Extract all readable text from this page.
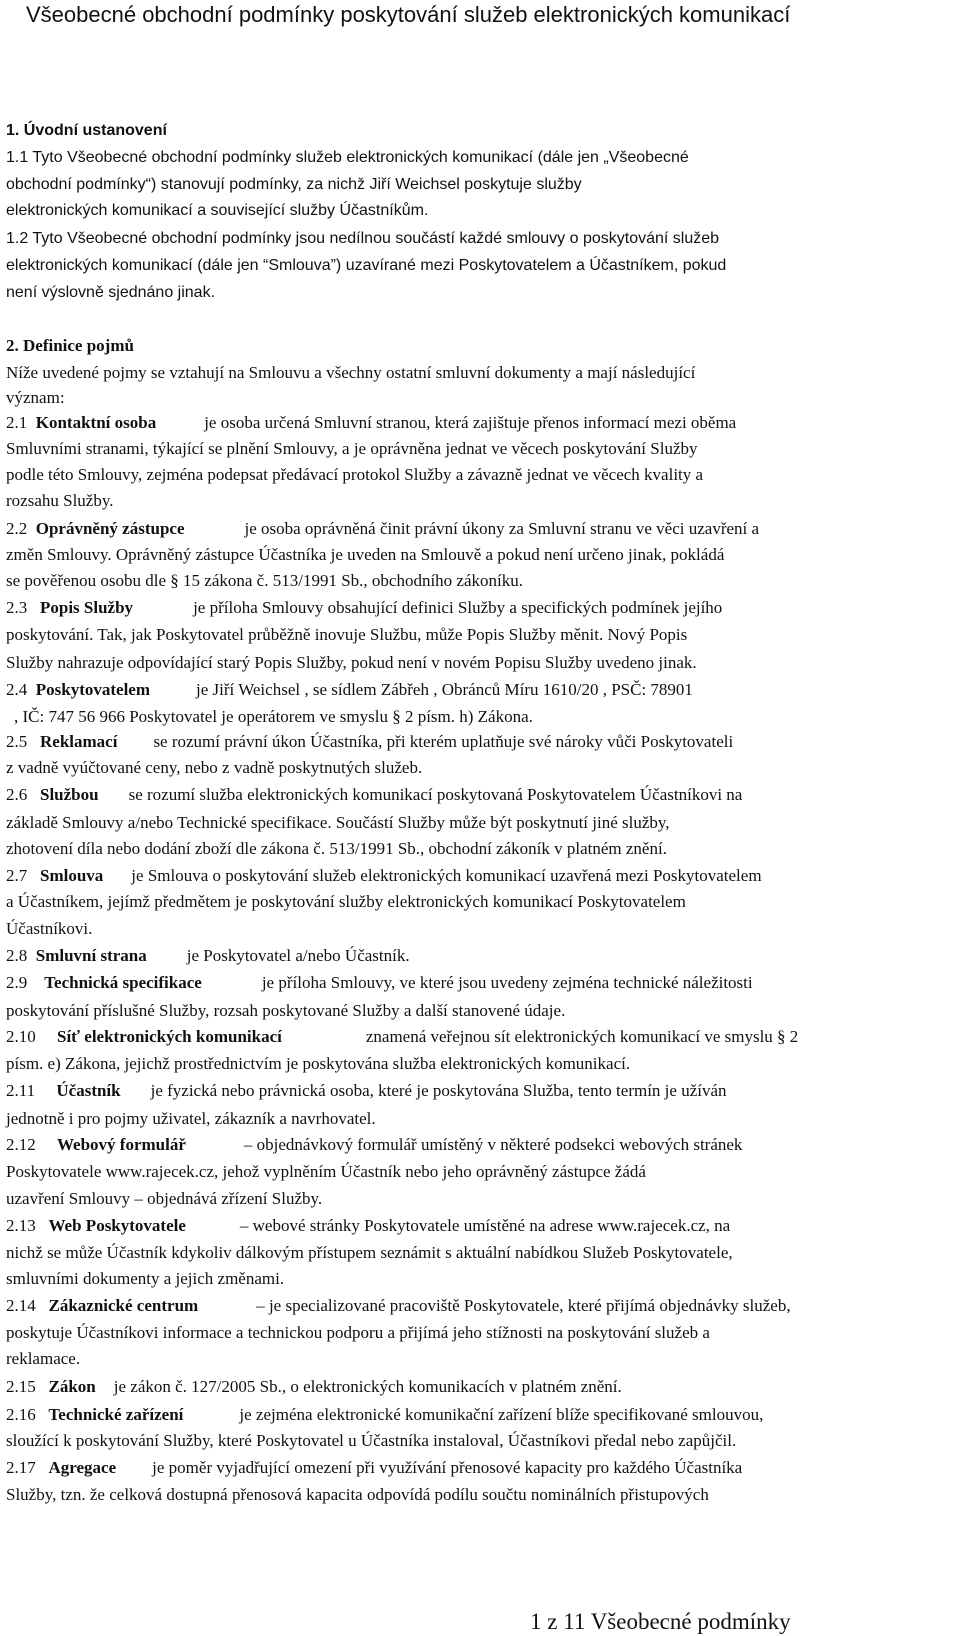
Všeobecné obchodní podmínky poskytování služeb elektronických komunikací
1. Úvodní ustanovení
1.1 Tyto Všeobecné obchodní podmínky služeb elektronických komunikací (dále jen „Všeobecné
obchodní podmínky“) stanovují podmínky, za nichž Jiří Weichsel poskytuje služby
elektronických komunikací a související služby Účastníkům.
1.2 Tyto Všeobecné obchodní podmínky jsou nedílnou součástí každé smlouvy o poskytování služeb
elektronických komunikací (dále jen “Smlouva”) uzavírané mezi Poskytovatelem a Účastníkem, pokud
není výslovně sjednáno jinak.
2. Definice pojmů
Níže uvedené pojmy se vztahují na Smlouvu a všechny ostatní smluvní dokumenty a mají následující
význam:
2.1 Kontaktní osoba	je osoba určená Smluvní stranou, která zajištuje přenos informací mezi oběma
Smluvními stranami, týkající se plnění Smlouvy, a je oprávněna jednat ve věcech poskytování Služby
podle této Smlouvy, zejména podepsat předávací protokol Služby a závazně jednat ve věcech kvality a
rozsahu Služby.
2.2 Oprávněný zástupce	je osoba oprávněná činit právní úkony za Smluvní stranu ve věci uzavření a
změn Smlouvy. Oprávněný zástupce Účastníka je uveden na Smlouvě a pokud není určeno jinak, pokládá
se pověřenou osobu dle § 15 zákona č. 513/1991 Sb., obchodního zákoníku.
2.3 Popis Služby	je příloha Smlouvy obsahující definici Služby a specifických podmínek jejího
poskytování. Tak, jak Poskytovatel průběžně inovuje Službu, může Popis Služby měnit. Nový Popis
Služby nahrazuje odpovídající starý Popis Služby, pokud není v novém Popisu Služby uvedeno jinak.
2.4 Poskytovatelem	je Jiří Weichsel , se sídlem Zábřeh , Obránců Míru 1610/20 , PSČ: 78901
, IČ: 747 56 966 Poskytovatel je operátorem ve smyslu § 2 písm. h) Zákona.
2.5 Reklamací se rozumí právní úkon Účastníka, při kterém uplatňuje své nároky vůči Poskytovateli
z vadně vyúčtované ceny, nebo z vadně poskytnutých služeb.
2.6 Službou se rozumí služba elektronických komunikací poskytovaná Poskytovatelem Účastníkovi na
základě Smlouvy a/nebo Technické specifikace. Součástí Služby může být poskytnutí jiné služby,
zhotovení díla nebo dodání zboží dle zákona č. 513/1991 Sb., obchodní zákoník v platném znění.
2.7 Smlouva je Smlouva o poskytování služeb elektronických komunikací uzavřená mezi Poskytovatelem
a Účastníkem, jejímž předmětem je poskytování služby elektronických komunikací Poskytovatelem
Účastníkovi.
2.8 Smluvní strana je Poskytovatel a/nebo Účastník.
2.9 Technická specifikace	je příloha Smlouvy, ve které jsou uvedeny zejména technické náležitosti
poskytování příslušné Služby, rozsah poskytované Služby a další stanovené údaje.
2.10 Síť elektronických komunikací	znamená veřejnou sít elektronických komunikací ve smyslu § 2
písm. e) Zákona, jejichž prostřednictvím je poskytována služba elektronických komunikací.
2.11 Účastník je fyzická nebo právnická osoba, které je poskytována Služba, tento termín je užíván
jednotně i pro pojmy uživatel, zákazník a navrhovatel.
2.12 Webový formulář	– objednávkový formulář umístěný v některé podsekci webových stránek
Poskytovatele www.rajecek.cz, jehož vyplněním Účastník nebo jeho oprávněný zástupce žádá
uzavření Smlouvy – objednává zřízení Služby.
2.13 Web Poskytovatele	– webové stránky Poskytovatele umístěné na adrese www.rajecek.cz, na
nichž se může Účastník kdykoliv dálkovým přístupem seznámit s aktuální nabídkou Služeb Poskytovatele,
smluvními dokumenty a jejich změnami.
2.14 Zákaznické centrum	– je specializované pracoviště Poskytovatele, které přijímá objednávky služeb,
poskytuje Účastníkovi informace a technickou podporu a přijímá jeho stížnosti na poskytování služeb a
reklamace.
2.15 Zákon je zákon č. 127/2005 Sb., o elektronických komunikacích v platném znění.
2.16 Technické zařízení	je zejména elektronické komunikační zařízení blíže specifikované smlouvou,
sloužící k poskytování Služby, které Poskytovatel u Účastníka instaloval, Účastníkovi předal nebo zapůjčil.
2.17 Agregace je poměr vyjadřující omezení při využívání přenosové kapacity pro každého Účastníka
Služby, tzn. že celková dostupná přenosová kapacita odpovídá podílu součtu nominálních přistupových
1 z 11 Všeobecné podmínky
